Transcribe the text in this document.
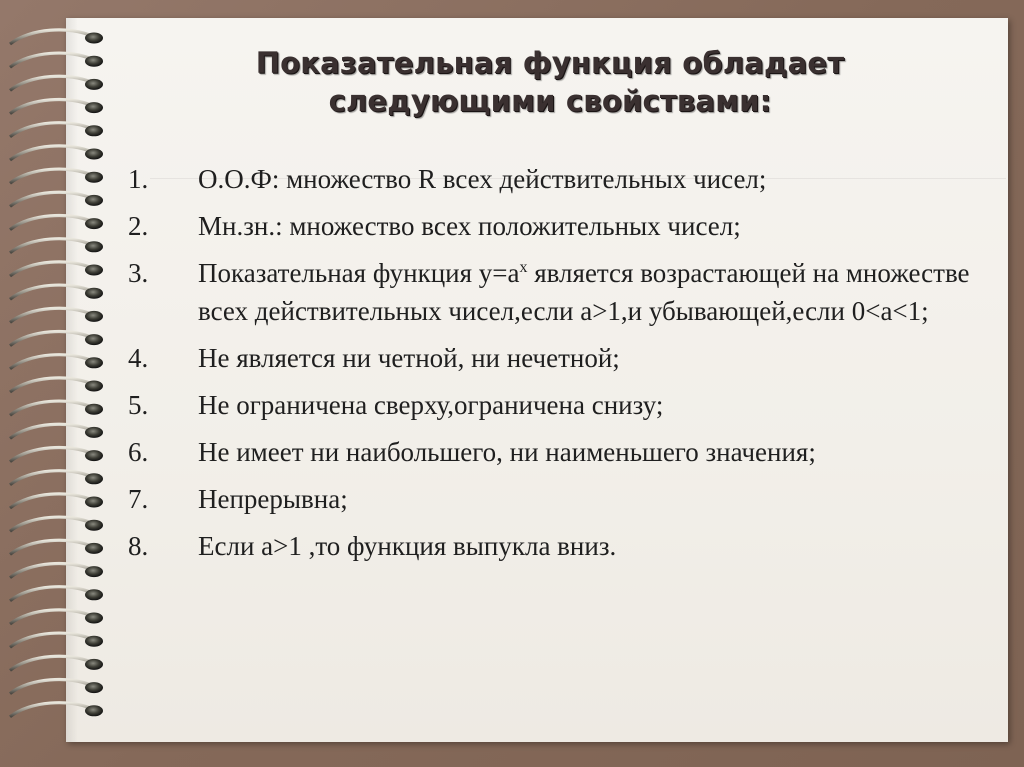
Показательная функция обладает
следующими свойствами:
1.	О.О.Ф: множество R всех действительных чисел;
2.	Мн.зн.: множество всех положительных чисел;
3.	Показательная функция $у=а^х$ является возрастающей на множестве всех действительных чисел,если а>1,и убывающей,если 0<а<1;
4.	Не является ни четной, ни нечетной;
5.	Не ограничена сверху,ограничена снизу;
6.	Не имеет ни наибольшего, ни наименьшего значения;
7.	Непрерывна;
8.	Если а>1 ,то функция выпукла вниз.
